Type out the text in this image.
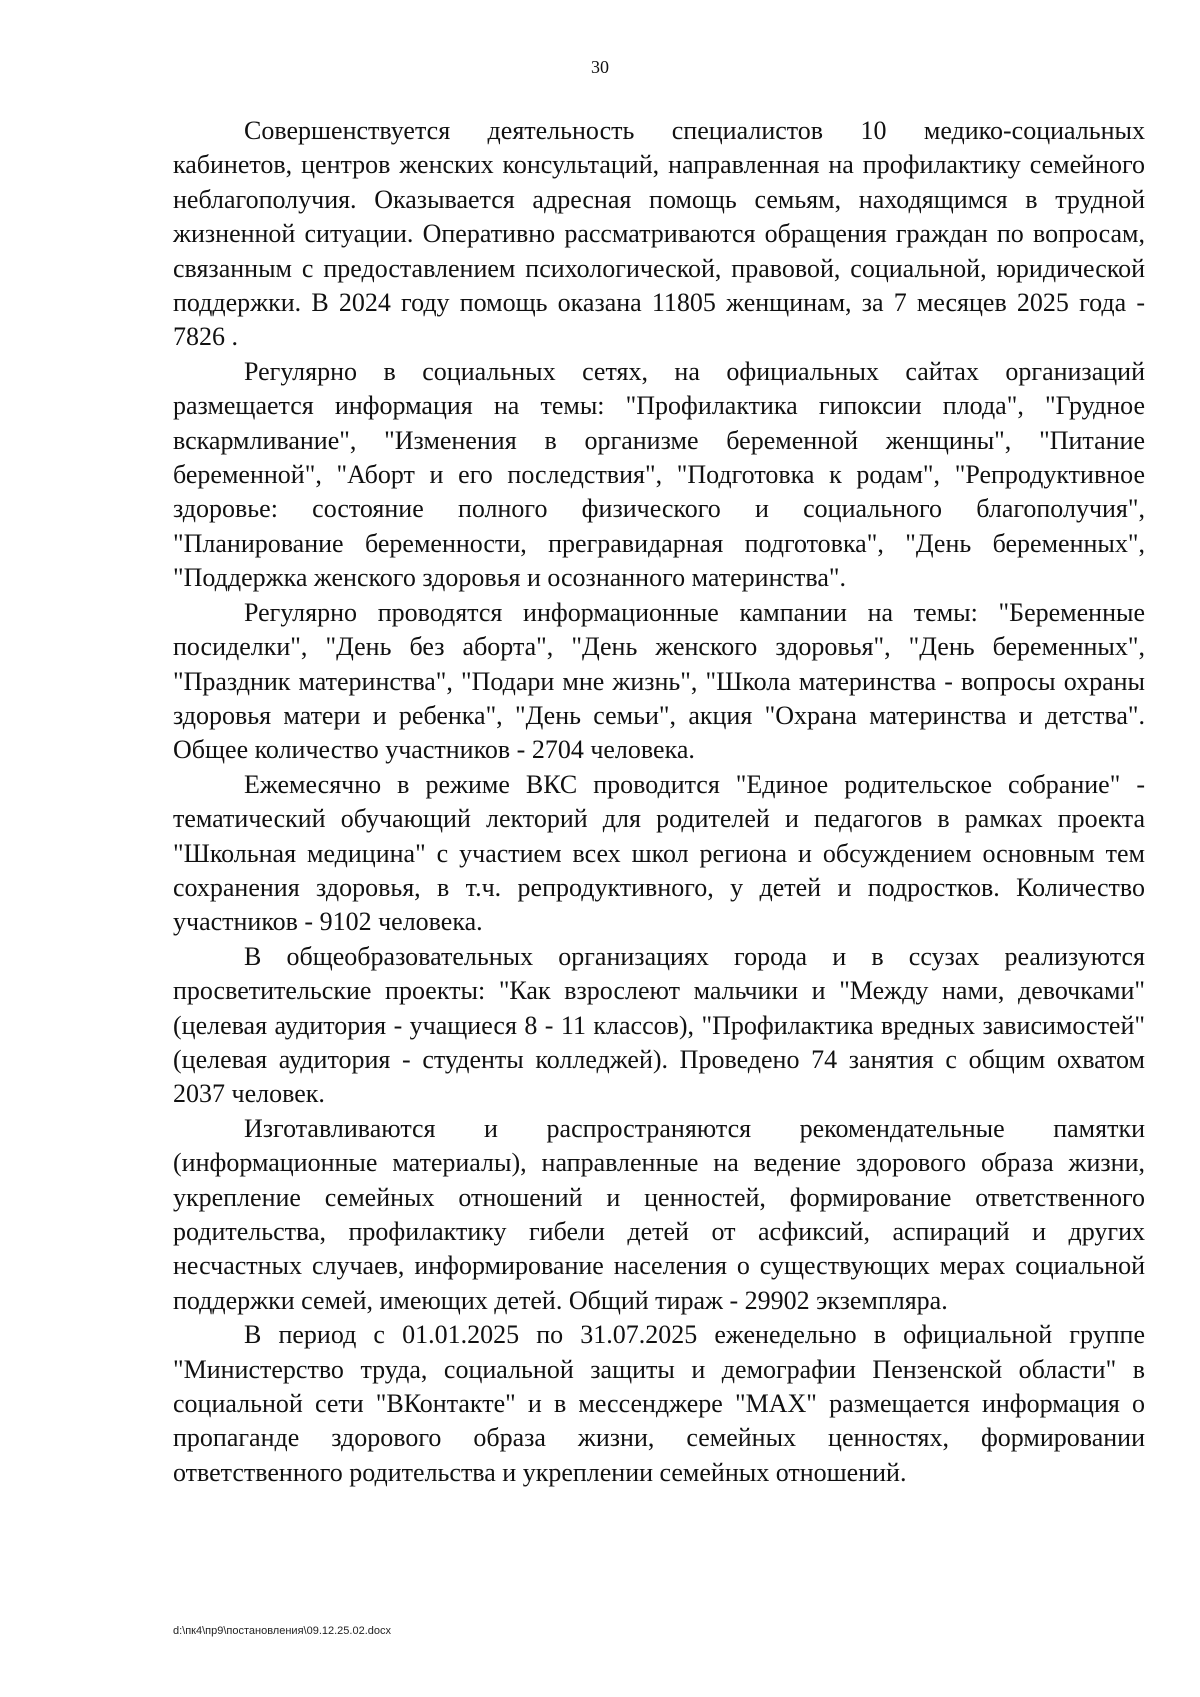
30

Совершенствуется деятельность специалистов 10 медико-социальных кабинетов, центров женских консультаций, направленная на профилактику семейного неблагополучия. Оказывается адресная помощь семьям, находящимся в трудной жизненной ситуации. Оперативно рассматриваются обращения граждан по вопросам, связанным с предоставлением психологической, правовой, социальной, юридической поддержки. В 2024 году помощь оказана 11805 женщинам, за 7 месяцев 2025 года - 7826 .

Регулярно в социальных сетях, на официальных сайтах организаций размещается информация на темы: "Профилактика гипоксии плода", "Грудное вскармливание", "Изменения в организме беременной женщины", "Питание беременной", "Аборт и его последствия", "Подготовка к родам", "Репродуктивное здоровье: состояние полного физического и социального благополучия", "Планирование беременности, прегравидарная подготовка", "День беременных", "Поддержка женского здоровья и осознанного материнства".

Регулярно проводятся информационные кампании на темы: "Беременные посиделки", "День без аборта", "День женского здоровья", "День беременных", "Праздник материнства", "Подари мне жизнь", "Школа материнства - вопросы охраны здоровья матери и ребенка", "День семьи", акция "Охрана материнства и детства". Общее количество участников - 2704 человека.

Ежемесячно в режиме ВКС проводится "Единое родительское собрание" - тематический обучающий лекторий для родителей и педагогов в рамках проекта "Школьная медицина" с участием всех школ региона и обсуждением основным тем сохранения здоровья, в т.ч. репродуктивного, у детей и подростков. Количество участников - 9102 человека.

В общеобразовательных организациях города и в ссузах реализуются просветительские проекты: "Как взрослеют мальчики и "Между нами, девочками" (целевая аудитория - учащиеся 8 - 11 классов), "Профилактика вредных зависимостей" (целевая аудитория - студенты колледжей). Проведено 74 занятия с общим охватом 2037 человек.

Изготавливаются и распространяются рекомендательные памятки (информационные материалы), направленные на ведение здорового образа жизни, укрепление семейных отношений и ценностей, формирование ответственного родительства, профилактику гибели детей от асфиксий, аспираций и других несчастных случаев, информирование населения о существующих мерах социальной поддержки семей, имеющих детей. Общий тираж - 29902 экземпляра.

В период с 01.01.2025 по 31.07.2025 еженедельно в официальной группе "Министерство труда, социальной защиты и демографии Пензенской области" в социальной сети "ВКонтакте" и в мессенджере "MAX" размещается информация о пропаганде здорового образа жизни, семейных ценностях, формировании ответственного родительства и укреплении семейных отношений.

d:\пк4\пр9\постановления\09.12.25.02.docx
